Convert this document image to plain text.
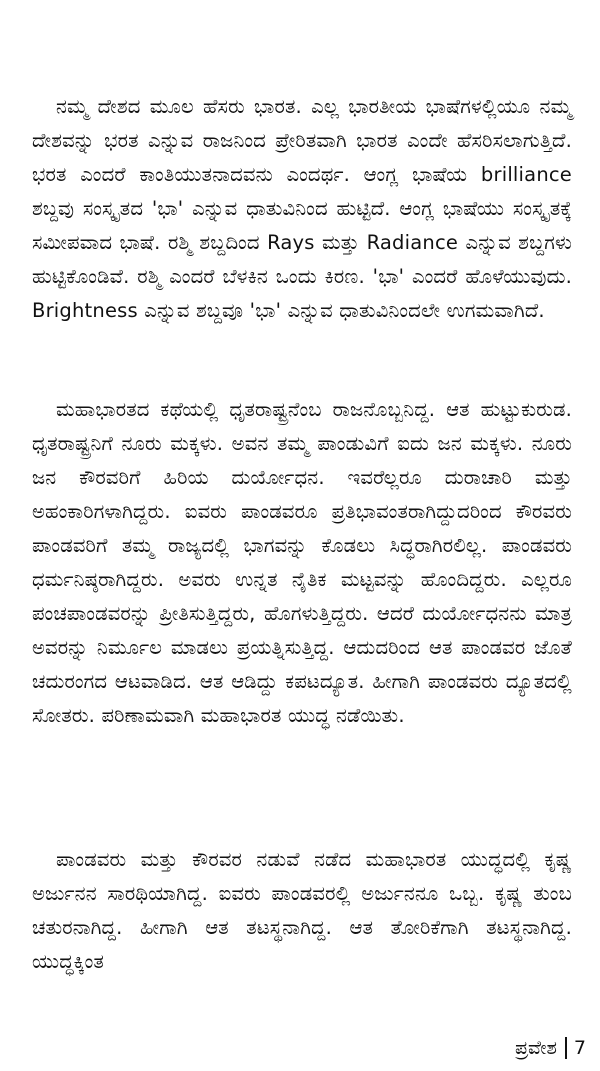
ನಮ್ಮ ದೇಶದ ಮೂಲ ಹೆಸರು ಭಾರತ. ಎಲ್ಲ ಭಾರತೀಯ ಭಾಷೆಗಳಲ್ಲಿಯೂ ನಮ್ಮ ದೇಶವನ್ನು ಭರತ ಎನ್ನುವ ರಾಜನಿಂದ ಪ್ರೇರಿತವಾಗಿ ಭಾರತ ಎಂದೇ ಹೆಸರಿಸಲಾಗುತ್ತಿದೆ. ಭರತ ಎಂದರೆ ಕಾಂತಿಯುತನಾದವನು ಎಂದರ್ಥ. ಆಂಗ್ಲ ಭಾಷೆಯ brilliance ಶಬ್ದವು ಸಂಸ್ಕೃತದ 'ಭಾ' ಎನ್ನುವ ಧಾತುವಿನಿಂದ ಹುಟ್ಟಿದೆ. ಆಂಗ್ಲ ಭಾಷೆಯು ಸಂಸ್ಕೃತಕ್ಕೆ ಸಮೀಪವಾದ ಭಾಷೆ. ರಶ್ಮಿ ಶಬ್ದದಿಂದ Rays ಮತ್ತು Radiance ಎನ್ನುವ ಶಬ್ದಗಳು ಹುಟ್ಟಿಕೊಂಡಿವೆ. ರಶ್ಮಿ ಎಂದರೆ ಬೆಳಕಿನ ಒಂದು ಕಿರಣ. 'ಭಾ' ಎಂದರೆ ಹೊಳೆಯುವುದು. Brightness ಎನ್ನುವ ಶಬ್ದವೂ 'ಭಾ' ಎನ್ನುವ ಧಾತುವಿನಿಂದಲೇ ಉಗಮವಾಗಿದೆ.

ಮಹಾಭಾರತದ ಕಥೆಯಲ್ಲಿ ಧೃತರಾಷ್ಟ್ರನೆಂಬ ರಾಜನೊಬ್ಬನಿದ್ದ. ಆತ ಹುಟ್ಟುಕುರುಡ. ಧೃತರಾಷ್ಟ್ರನಿಗೆ ನೂರು ಮಕ್ಕಳು. ಅವನ ತಮ್ಮ ಪಾಂಡುವಿಗೆ ಐದು ಜನ ಮಕ್ಕಳು. ನೂರು ಜನ ಕೌರವರಿಗೆ ಹಿರಿಯ ದುರ್ಯೋಧನ. ಇವರೆಲ್ಲರೂ ದುರಾಚಾರಿ ಮತ್ತು ಅಹಂಕಾರಿಗಳಾಗಿದ್ದರು. ಐವರು ಪಾಂಡವರೂ ಪ್ರತಿಭಾವಂತರಾಗಿದ್ದುದರಿಂದ ಕೌರವರು ಪಾಂಡವರಿಗೆ ತಮ್ಮ ರಾಜ್ಯದಲ್ಲಿ ಭಾಗವನ್ನು ಕೊಡಲು ಸಿದ್ಧರಾಗಿರಲಿಲ್ಲ. ಪಾಂಡವರು ಧರ್ಮನಿಷ್ಠರಾಗಿದ್ದರು. ಅವರು ಉನ್ನತ ನೈತಿಕ ಮಟ್ಟವನ್ನು ಹೊಂದಿದ್ದರು. ಎಲ್ಲರೂ ಪಂಚಪಾಂಡವರನ್ನು ಪ್ರೀತಿಸುತ್ತಿದ್ದರು, ಹೊಗಳುತ್ತಿದ್ದರು. ಆದರೆ ದುರ್ಯೋಧನನು ಮಾತ್ರ ಅವರನ್ನು ನಿರ್ಮೂಲ ಮಾಡಲು ಪ್ರಯತ್ನಿಸುತ್ತಿದ್ದ. ಆದುದರಿಂದ ಆತ ಪಾಂಡವರ ಜೊತೆ ಚದುರಂಗದ ಆಟವಾಡಿದ. ಆತ ಆಡಿದ್ದು ಕಪಟದ್ಯೂತ. ಹೀಗಾಗಿ ಪಾಂಡವರು ದ್ಯೂತದಲ್ಲಿ ಸೋತರು. ಪರಿಣಾಮವಾಗಿ ಮಹಾಭಾರತ ಯುದ್ಧ ನಡೆಯಿತು.

ಪಾಂಡವರು ಮತ್ತು ಕೌರವರ ನಡುವೆ ನಡೆದ ಮಹಾಭಾರತ ಯುದ್ಧದಲ್ಲಿ ಕೃಷ್ಣ ಅರ್ಜುನನ ಸಾರಥಿಯಾಗಿದ್ದ. ಐವರು ಪಾಂಡವರಲ್ಲಿ ಅರ್ಜುನನೂ ಒಬ್ಬ. ಕೃಷ್ಣ ತುಂಬ ಚತುರನಾಗಿದ್ದ. ಹೀಗಾಗಿ ಆತ ತಟಸ್ಥನಾಗಿದ್ದ. ಆತ ತೋರಿಕೆಗಾಗಿ ತಟಸ್ಥನಾಗಿದ್ದ. ಯುದ್ಧಕ್ಕಿಂತ

ಪ್ರವೇಶ 7
